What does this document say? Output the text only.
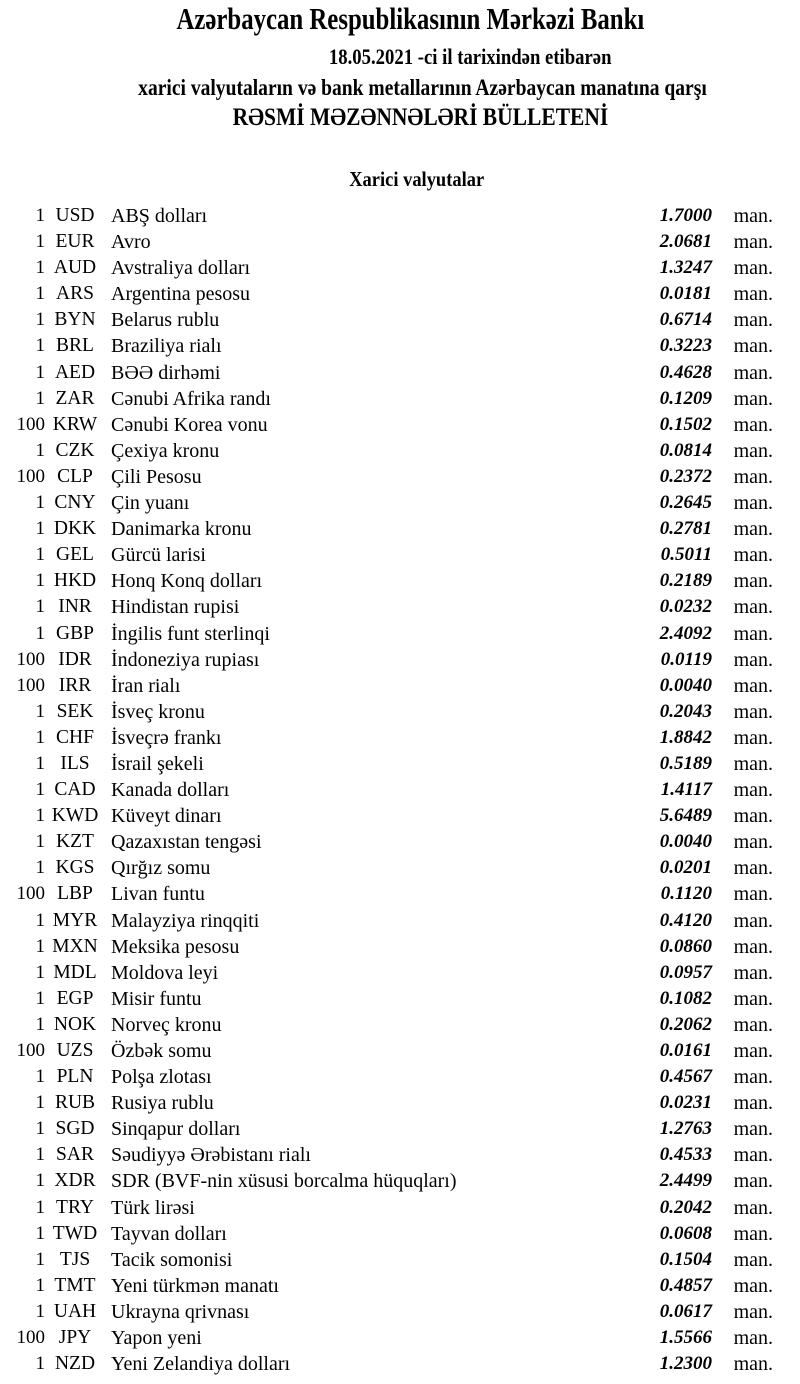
Azərbaycan Respublikasının Mərkəzi Bankı
18.05.2021 -ci il tarixindən etibarən
xarici valyutaların və bank metallarının Azərbaycan manatına qarşı
RƏSMİ MƏZƏNNƏLƏRİ BÜLLETENİ
Xarici valyutalar
1 USD ABŞ dolları	1.7000	man.
1 EUR Avro	2.0681	man.
1 AUD Avstraliya dolları	1.3247	man.
1 ARS Argentina pesosu	0.0181	man.
1 BYN Belarus rublu	0.6714	man.
1 BRL Braziliya rialı	0.3223	man.
1 AED BƏƏ dirhəmi	0.4628	man.
1 ZAR Cənubi Afrika randı	0.1209	man.
100 KRW Cənubi Korea vonu	0.1502	man.
1 CZK Çexiya kronu	0.0814	man.
100 CLP Çili Pesosu	0.2372	man.
1 CNY Çin yuanı	0.2645	man.
1 DKK Danimarka kronu	0.2781	man.
1 GEL Gürcü larisi	0.5011	man.
1 HKD Honq Konq dolları	0.2189	man.
1 INR Hindistan rupisi	0.0232	man.
1 GBP İngilis funt sterlinqi	2.4092	man.
100 IDR İndoneziya rupiası	0.0119	man.
100 IRR İran rialı	0.0040	man.
1 SEK İsveç kronu	0.2043	man.
1 CHF İsveçrə frankı	1.8842	man.
1 ILS	İsrail şekeli	0.5189	man.
1 CAD Kanada dolları	1.4117	man.
1 KWD Küveyt dinarı	5.6489	man.
1 KZT Qazaxıstan tengəsi	0.0040	man.
1 KGS Qırğız somu	0.0201	man.
100 LBP Livan funtu	0.1120	man.
1 MYR Malayziya rinqqiti	0.4120	man.
1 MXN Meksika pesosu	0.0860	man.
1 MDL Moldova leyi	0.0957	man.
1 EGP Misir funtu	0.1082	man.
1 NOK Norveç kronu	0.2062	man.
100 UZS Özbək somu	0.0161	man.
1 PLN Polşa zlotası	0.4567	man.
1 RUB Rusiya rublu	0.0231	man.
1 SGD Sinqapur dolları	1.2763	man.
1 SAR Səudiyyə Ərəbistanı rialı	0.4533	man.
1 XDR SDR (BVF-nin xüsusi borcalma hüquqları)	2.4499	man.
1 TRY Türk lirəsi	0.2042	man.
1 TWD Tayvan dolları	0.0608	man.
1 TJS	Tacik somonisi	0.1504	man.
1 TMT Yeni türkmən manatı	0.4857	man.
1 UAH Ukrayna qrivnası	0.0617	man.
100 JPY Yapon yeni	1.5566	man.
1 NZD Yeni Zelandiya dolları	1.2300	man.
